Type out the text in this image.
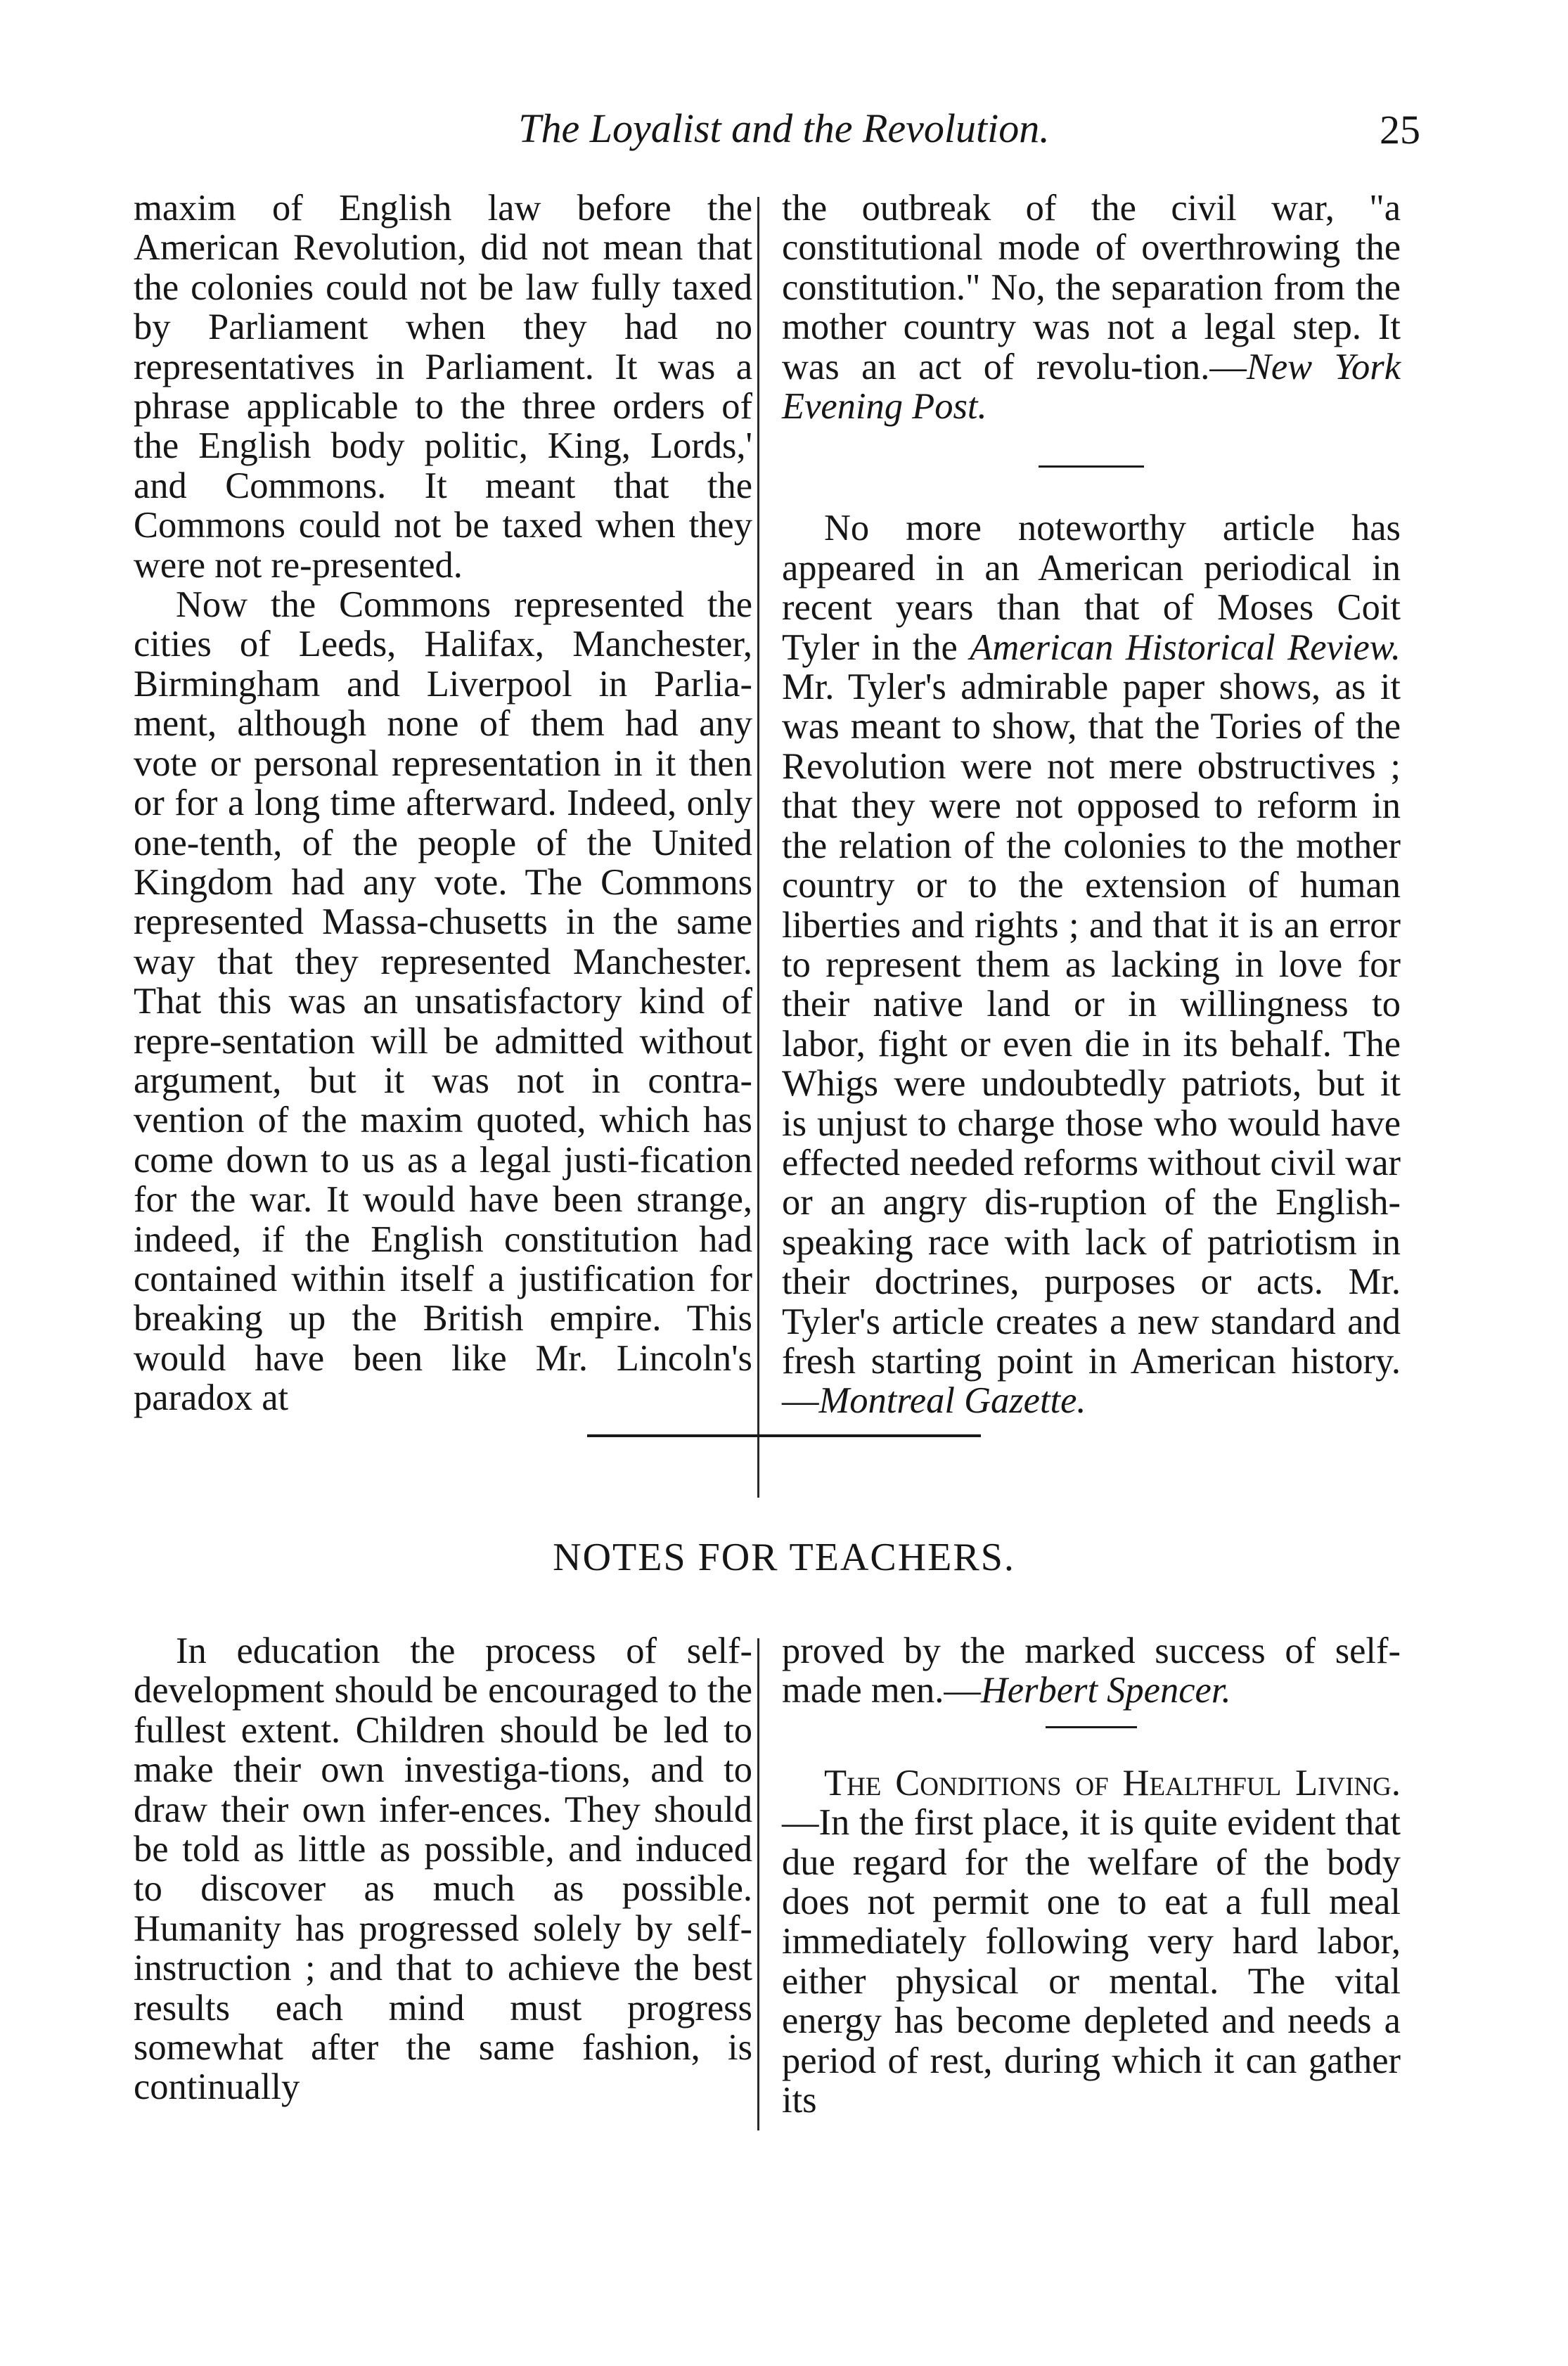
The Loyalist and the Revolution.	25

maxim of English law before the American Revolution, did not mean that the colonies could not be law fully taxed by Parliament when they had no representatives in Parliament. It was a phrase applicable to the three orders of the English body politic, King, Lords,' and Commons. It meant that the Commons could not be taxed when they were not re-presented.

Now the Commons represented the cities of Leeds, Halifax, Manchester, Birmingham and Liverpool in Parlia-ment, although none of them had any vote or personal representation in it then or for a long time afterward. Indeed, only one-tenth, of the people of the United Kingdom had any vote. The Commons represented Massa-chusetts in the same way that they represented Manchester. That this was an unsatisfactory kind of repre-sentation will be admitted without argument, but it was not in contra-vention of the maxim quoted, which has come down to us as a legal justi-fication for the war. It would have been strange, indeed, if the English constitution had contained within itself a justification for breaking up the British empire. This would have been like Mr. Lincoln's paradox at

the outbreak of the civil war, "a constitutional mode of overthrowing the constitution." No, the separation from the mother country was not a legal step. It was an act of revolu-tion.—New York Evening Post.

No more noteworthy article has appeared in an American periodical in recent years than that of Moses Coit Tyler in the American Historical Review. Mr. Tyler's admirable paper shows, as it was meant to show, that the Tories of the Revolution were not mere obstructives ; that they were not opposed to reform in the relation of the colonies to the mother country or to the extension of human liberties and rights ; and that it is an error to represent them as lacking in love for their native land or in willingness to labor, fight or even die in its behalf. The Whigs were undoubtedly patriots, but it is unjust to charge those who would have effected needed reforms without civil war or an angry dis-ruption of the English-speaking race with lack of patriotism in their doctrines, purposes or acts. Mr. Tyler's article creates a new standard and fresh starting point in American history.—Montreal Gazette.

NOTES FOR TEACHERS.

In education the process of self-development should be encouraged to the fullest extent. Children should be led to make their own investiga-tions, and to draw their own infer-ences. They should be told as little as possible, and induced to discover as much as possible. Humanity has progressed solely by self-instruction ; and that to achieve the best results each mind must progress somewhat after the same fashion, is continually

proved by the marked success of self-made men.—Herbert Spencer.

The Conditions of Healthful Living.—In the first place, it is quite evident that due regard for the welfare of the body does not permit one to eat a full meal immediately following very hard labor, either physical or mental. The vital energy has become depleted and needs a period of rest, during which it can gather its
